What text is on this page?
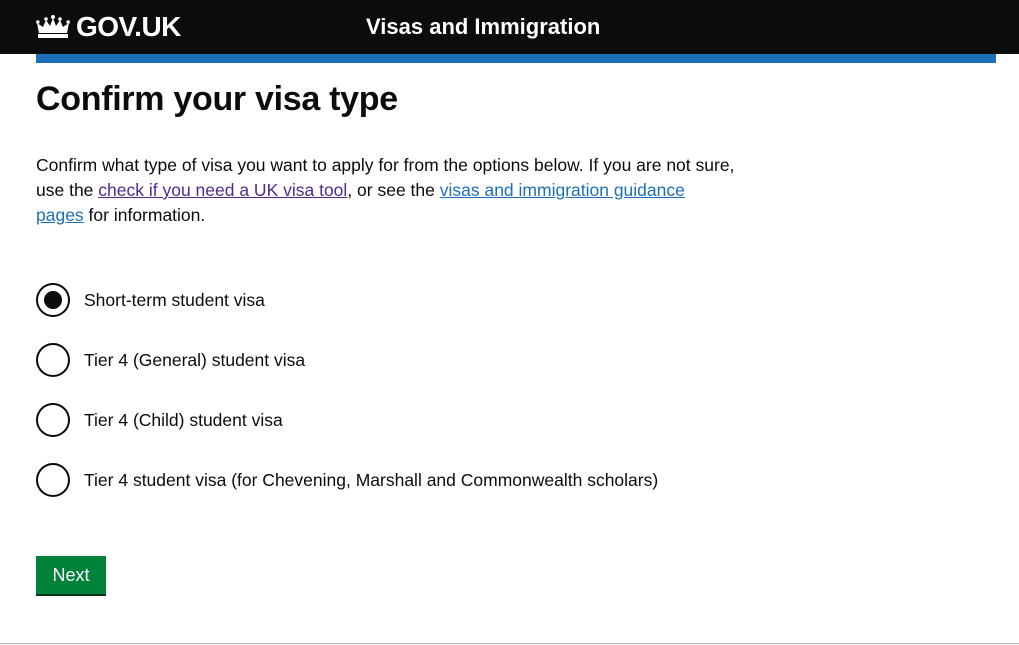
GOV.UK	Visas and Immigration
Confirm your visa type

Confirm what type of visa you want to apply for from the options below. If you are not sure, use the check if you need a UK visa tool, or see the visas and immigration guidance pages for information.

Short-term student visa
Tier 4 (General) student visa
Tier 4 (Child) student visa
Tier 4 student visa (for Chevening, Marshall and Commonwealth scholars)
Next
